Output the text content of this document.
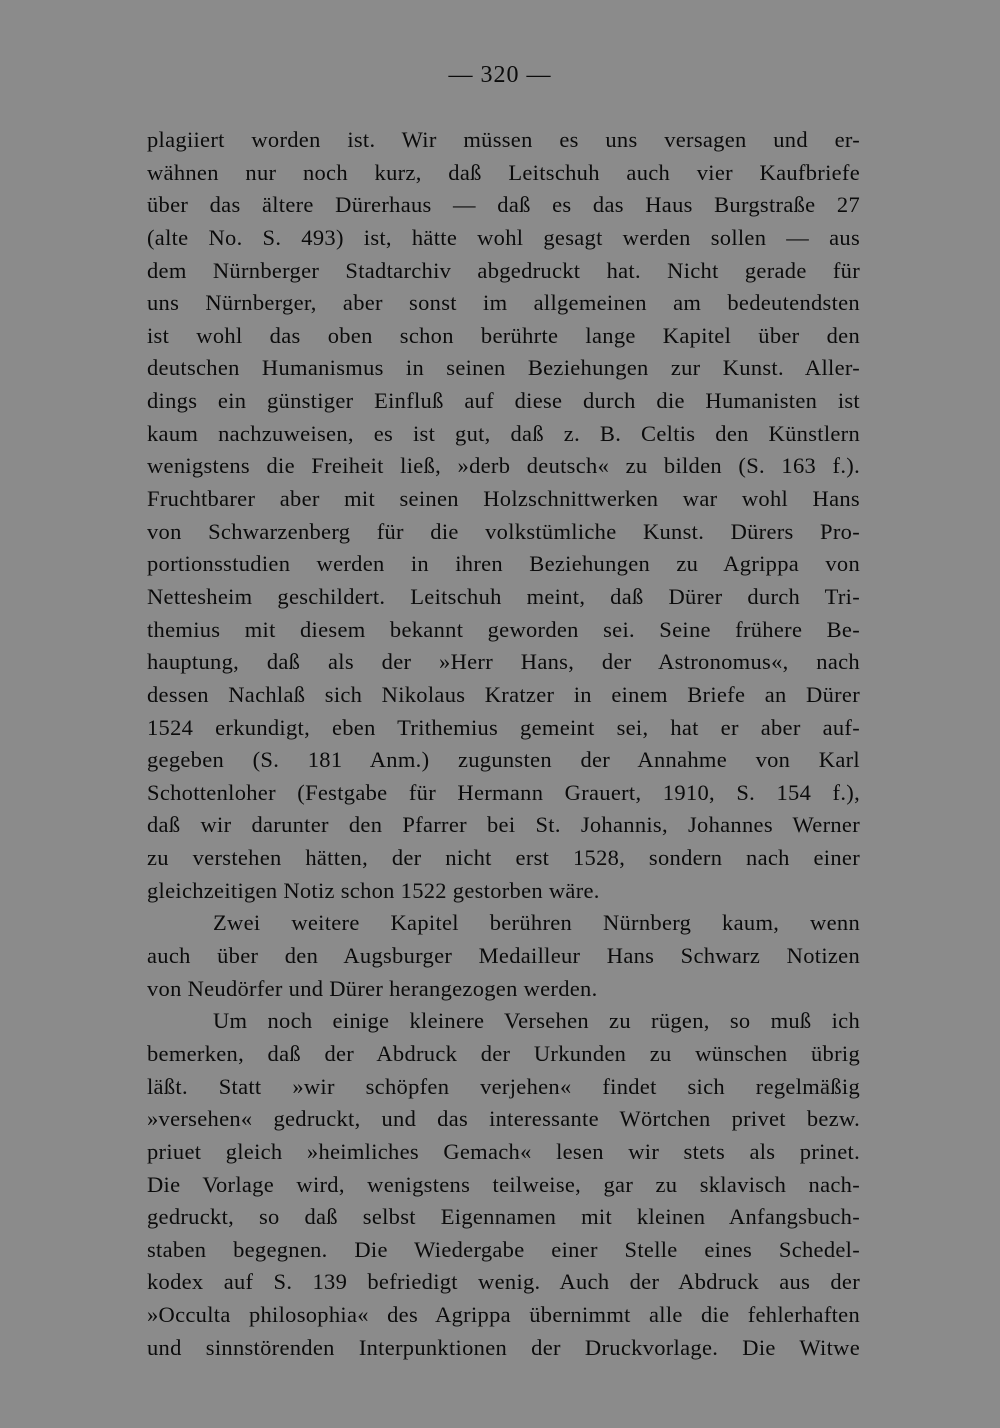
— 320 —
plagiiert worden ist. Wir müssen es uns versagen und er-
wähnen nur noch kurz, daß Leitschuh auch vier Kaufbriefe
über das ältere Dürerhaus — daß es das Haus Burgstraße 27
(alte No. S. 493) ist, hätte wohl gesagt werden sollen — aus
dem Nürnberger Stadtarchiv abgedruckt hat. Nicht gerade für
uns Nürnberger, aber sonst im allgemeinen am bedeutendsten
ist wohl das oben schon berührte lange Kapitel über den
deutschen Humanismus in seinen Beziehungen zur Kunst. Aller-
dings ein günstiger Einfluß auf diese durch die Humanisten ist
kaum nachzuweisen, es ist gut, daß z. B. Celtis den Künstlern
wenigstens die Freiheit ließ, »derb deutsch« zu bilden (S. 163 f.).
Fruchtbarer aber mit seinen Holzschnittwerken war wohl Hans
von Schwarzenberg für die volkstümliche Kunst. Dürers Pro-
portionsstudien werden in ihren Beziehungen zu Agrippa von
Nettesheim geschildert. Leitschuh meint, daß Dürer durch Tri-
themius mit diesem bekannt geworden sei. Seine frühere Be-
hauptung, daß als der »Herr Hans, der Astronomus«, nach
dessen Nachlaß sich Nikolaus Kratzer in einem Briefe an Dürer
1524 erkundigt, eben Trithemius gemeint sei, hat er aber auf-
gegeben (S. 181 Anm.) zugunsten der Annahme von Karl
Schottenloher (Festgabe für Hermann Grauert, 1910, S. 154 f.),
daß wir darunter den Pfarrer bei St. Johannis, Johannes Werner
zu verstehen hätten, der nicht erst 1528, sondern nach einer
gleichzeitigen Notiz schon 1522 gestorben wäre.
Zwei weitere Kapitel berühren Nürnberg kaum, wenn
auch über den Augsburger Medailleur Hans Schwarz Notizen
von Neudörfer und Dürer herangezogen werden.
Um noch einige kleinere Versehen zu rügen, so muß ich
bemerken, daß der Abdruck der Urkunden zu wünschen übrig
läßt. Statt »wir schöpfen verjehen« findet sich regelmäßig
»versehen« gedruckt, und das interessante Wörtchen privet bezw.
priuet gleich »heimliches Gemach« lesen wir stets als prinet.
Die Vorlage wird, wenigstens teilweise, gar zu sklavisch nach-
gedruckt, so daß selbst Eigennamen mit kleinen Anfangsbuch-
staben begegnen. Die Wiedergabe einer Stelle eines Schedel-
kodex auf S. 139 befriedigt wenig. Auch der Abdruck aus der
»Occulta philosophia« des Agrippa übernimmt alle die fehlerhaften
und sinnstörenden Interpunktionen der Druckvorlage. Die Witwe
